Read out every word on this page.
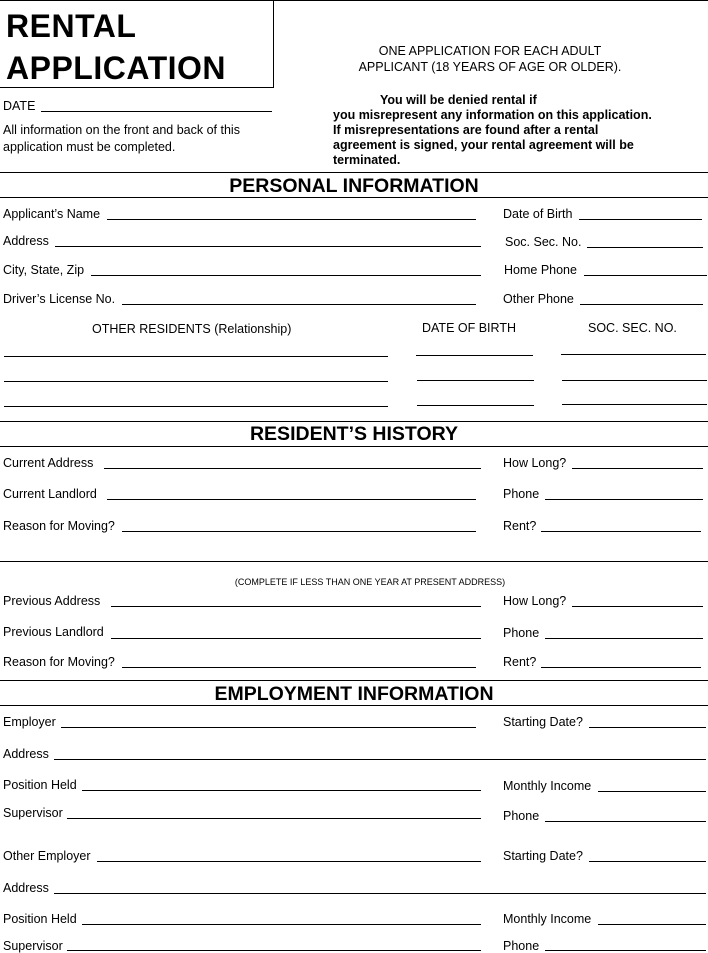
RENTAL
APPLICATION	ONE APPLICATION FOR EACH ADULT
APPLICANT (18 YEARS OF AGE OR OLDER).
DATE
All information on the front and back of this
application must be completed.
You will be denied rental if
you misrepresent any information on this application.
If misrepresentations are found after a rental
agreement is signed, your rental agreement will be
terminated.
PERSONAL INFORMATION
Applicant’s Name	Date of Birth
Address	Soc. Sec. No.
City, State, Zip	Home Phone
Driver’s License No.	Other Phone
OTHER RESIDENTS (Relationship)	DATE OF BIRTH	SOC. SEC. NO.
RESIDENT’S HISTORY
Current Address	How Long?
Current Landlord	Phone
Reason for Moving?	Rent?
(COMPLETE IF LESS THAN ONE YEAR AT PRESENT ADDRESS)
Previous Address	How Long?
Previous Landlord	Phone
Reason for Moving?	Rent?
EMPLOYMENT INFORMATION
Employer	Starting Date?
Address
Position Held	Monthly Income
Supervisor	Phone
Other Employer	Starting Date?
Address
Position Held	Monthly Income
Supervisor	Phone
